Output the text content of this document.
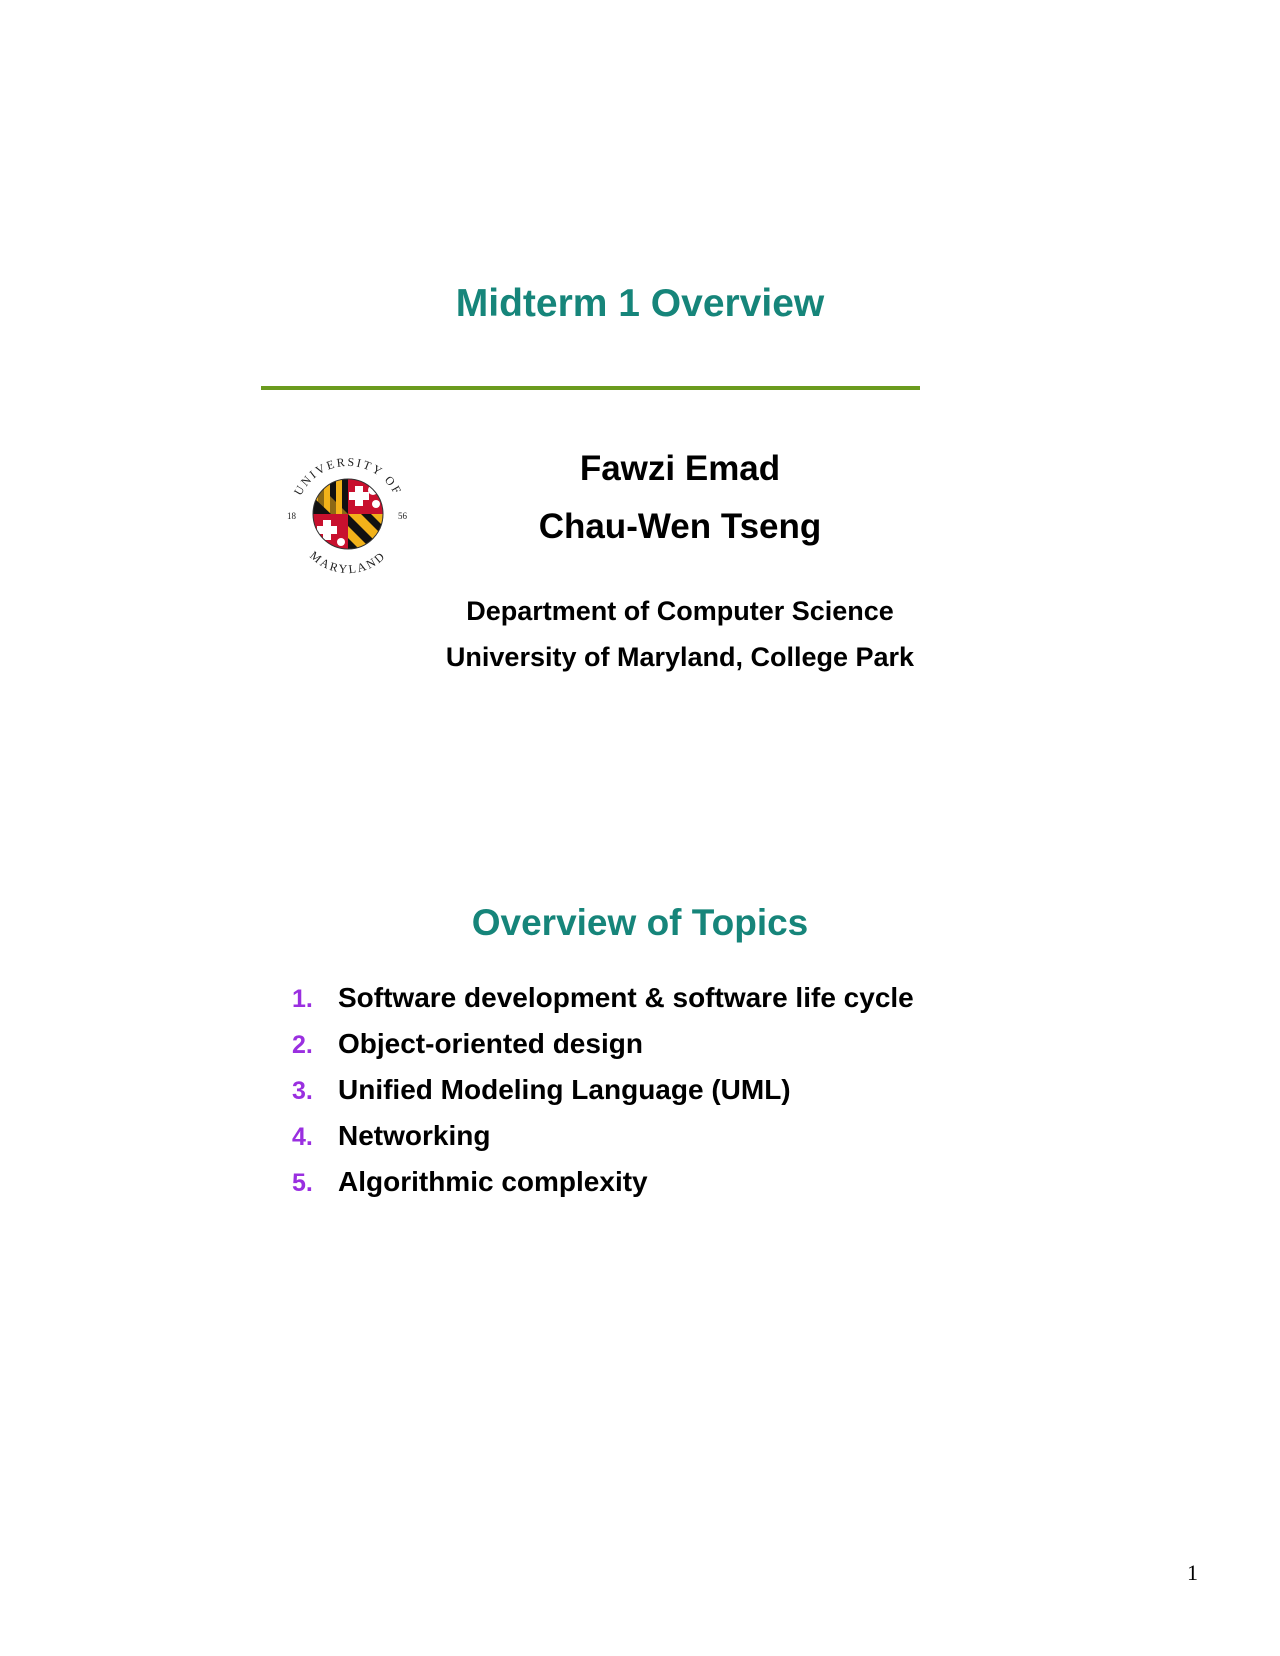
Midterm 1 Overview
UNIVERSITY OF
MARYLAND
18	56
Fawzi Emad
Chau-Wen Tseng
Department of Computer Science
University of Maryland, College Park
Overview of Topics
1. Software development & software life cycle
2. Object-oriented design
3. Unified Modeling Language (UML)
4. Networking
5. Algorithmic complexity
1
